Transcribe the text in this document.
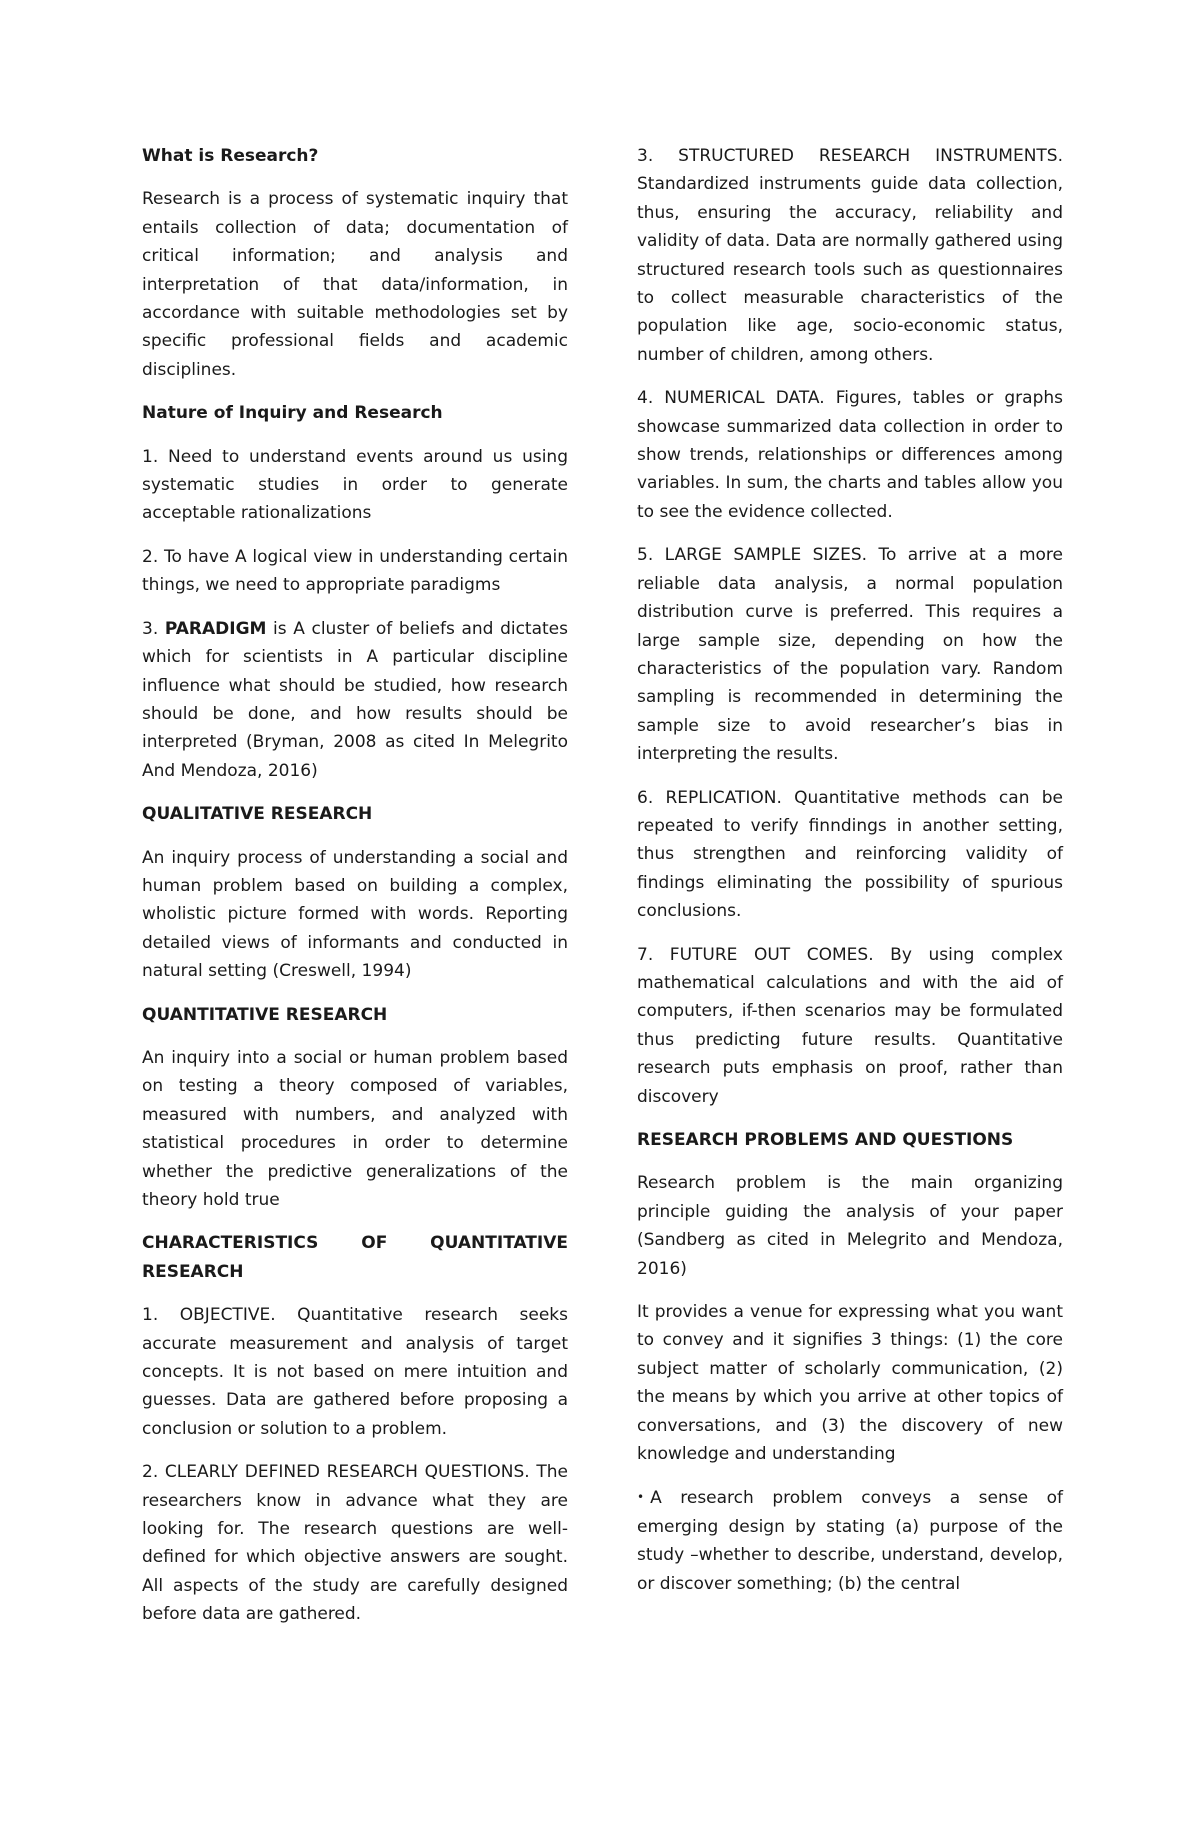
What is Research?

Research is a process of systematic inquiry that entails collection of data; documentation of critical information; and analysis and interpretation of that data/information, in accordance with suitable methodologies set by specific professional fields and academic disciplines.

Nature of Inquiry and Research

1. Need to understand events around us using systematic studies in order to generate acceptable rationalizations

2. To have A logical view in understanding certain things, we need to appropriate paradigms

3. PARADIGM is A cluster of beliefs and dictates which for scientists in A particular discipline influence what should be studied, how research should be done, and how results should be interpreted (Bryman, 2008 as cited In Melegrito And Mendoza, 2016)

QUALITATIVE RESEARCH

An inquiry process of understanding a social and human problem based on building a complex, wholistic picture formed with words. Reporting detailed views of informants and conducted in natural setting (Creswell, 1994)

QUANTITATIVE RESEARCH

An inquiry into a social or human problem based on testing a theory composed of variables, measured with numbers, and analyzed with statistical procedures in order to determine whether the predictive generalizations of the theory hold true

CHARACTERISTICS OF QUANTITATIVE RESEARCH

1. OBJECTIVE. Quantitative research seeks accurate measurement and analysis of target concepts. It is not based on mere intuition and guesses. Data are gathered before proposing a conclusion or solution to a problem.

2. CLEARLY DEFINED RESEARCH QUESTIONS. The researchers know in advance what they are looking for. The research questions are well-defined for which objective answers are sought. All aspects of the study are carefully designed before data are gathered.

3. STRUCTURED RESEARCH INSTRUMENTS. Standardized instruments guide data collection, thus, ensuring the accuracy, reliability and validity of data. Data are normally gathered using structured research tools such as questionnaires to collect measurable characteristics of the population like age, socio-economic status, number of children, among others.

4. NUMERICAL DATA. Figures, tables or graphs showcase summarized data collection in order to show trends, relationships or differences among variables. In sum, the charts and tables allow you to see the evidence collected.

5. LARGE SAMPLE SIZES. To arrive at a more reliable data analysis, a normal population distribution curve is preferred. This requires a large sample size, depending on how the characteristics of the population vary. Random sampling is recommended in determining the sample size to avoid researcher’s bias in interpreting the results.

6. REPLICATION. Quantitative methods can be repeated to verify finndings in another setting, thus strengthen and reinforcing validity of findings eliminating the possibility of spurious conclusions.

7. FUTURE OUT COMES. By using complex mathematical calculations and with the aid of computers, if-then scenarios may be formulated thus predicting future results. Quantitative research puts emphasis on proof, rather than discovery

RESEARCH PROBLEMS AND QUESTIONS

Research problem is the main organizing principle guiding the analysis of your paper (Sandberg as cited in Melegrito and Mendoza, 2016)

It provides a venue for expressing what you want to convey and it signifies 3 things: (1) the core subject matter of scholarly communication, (2) the means by which you arrive at other topics of conversations, and (3) the discovery of new knowledge and understanding

• A research problem conveys a sense of emerging design by stating (a) purpose of the study –whether to describe, understand, develop, or discover something; (b) the central
